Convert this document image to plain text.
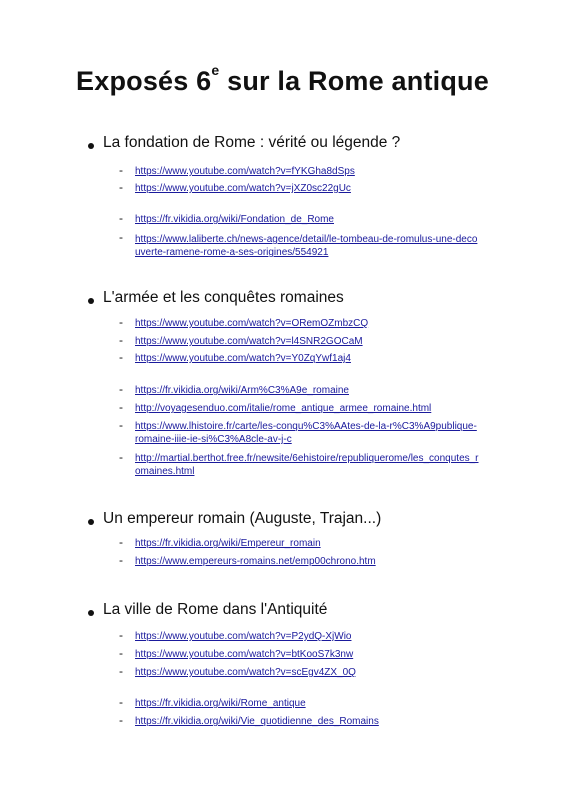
Exposés 6e sur la Rome antique
La fondation de Rome : vérité ou légende ?
- https://www.youtube.com/watch?v=fYKGha8dSps
- https://www.youtube.com/watch?v=jXZ0sc22gUc
- https://fr.vikidia.org/wiki/Fondation_de_Rome
- https://www.laliberte.ch/news-agence/detail/le-tombeau-de-romulus-une-decouverte-ramene-rome-a-ses-origines/554921
L'armée et les conquêtes romaines
- https://www.youtube.com/watch?v=ORemOZmbzCQ
- https://www.youtube.com/watch?v=l4SNR2GOCaM
- https://www.youtube.com/watch?v=Y0ZqYwf1aj4
- https://fr.vikidia.org/wiki/Arm%C3%A9e_romaine
- http://voyagesenduo.com/italie/rome_antique_armee_romaine.html
- https://www.lhistoire.fr/carte/les-conqu%C3%AAtes-de-la-r%C3%A9publique-romaine-iiie-ie-si%C3%A8cle-av-j-c
- http://martial.berthot.free.fr/newsite/6ehistoire/republiquerome/les_conqutes_romaines.html
Un empereur romain (Auguste, Trajan...)
- https://fr.vikidia.org/wiki/Empereur_romain
- https://www.empereurs-romains.net/emp00chrono.htm
La ville de Rome dans l'Antiquité
- https://www.youtube.com/watch?v=P2ydQ-XjWio
- https://www.youtube.com/watch?v=btKooS7k3nw
- https://www.youtube.com/watch?v=scEgv4ZX_0Q
- https://fr.vikidia.org/wiki/Rome_antique
- https://fr.vikidia.org/wiki/Vie_quotidienne_des_Romains
